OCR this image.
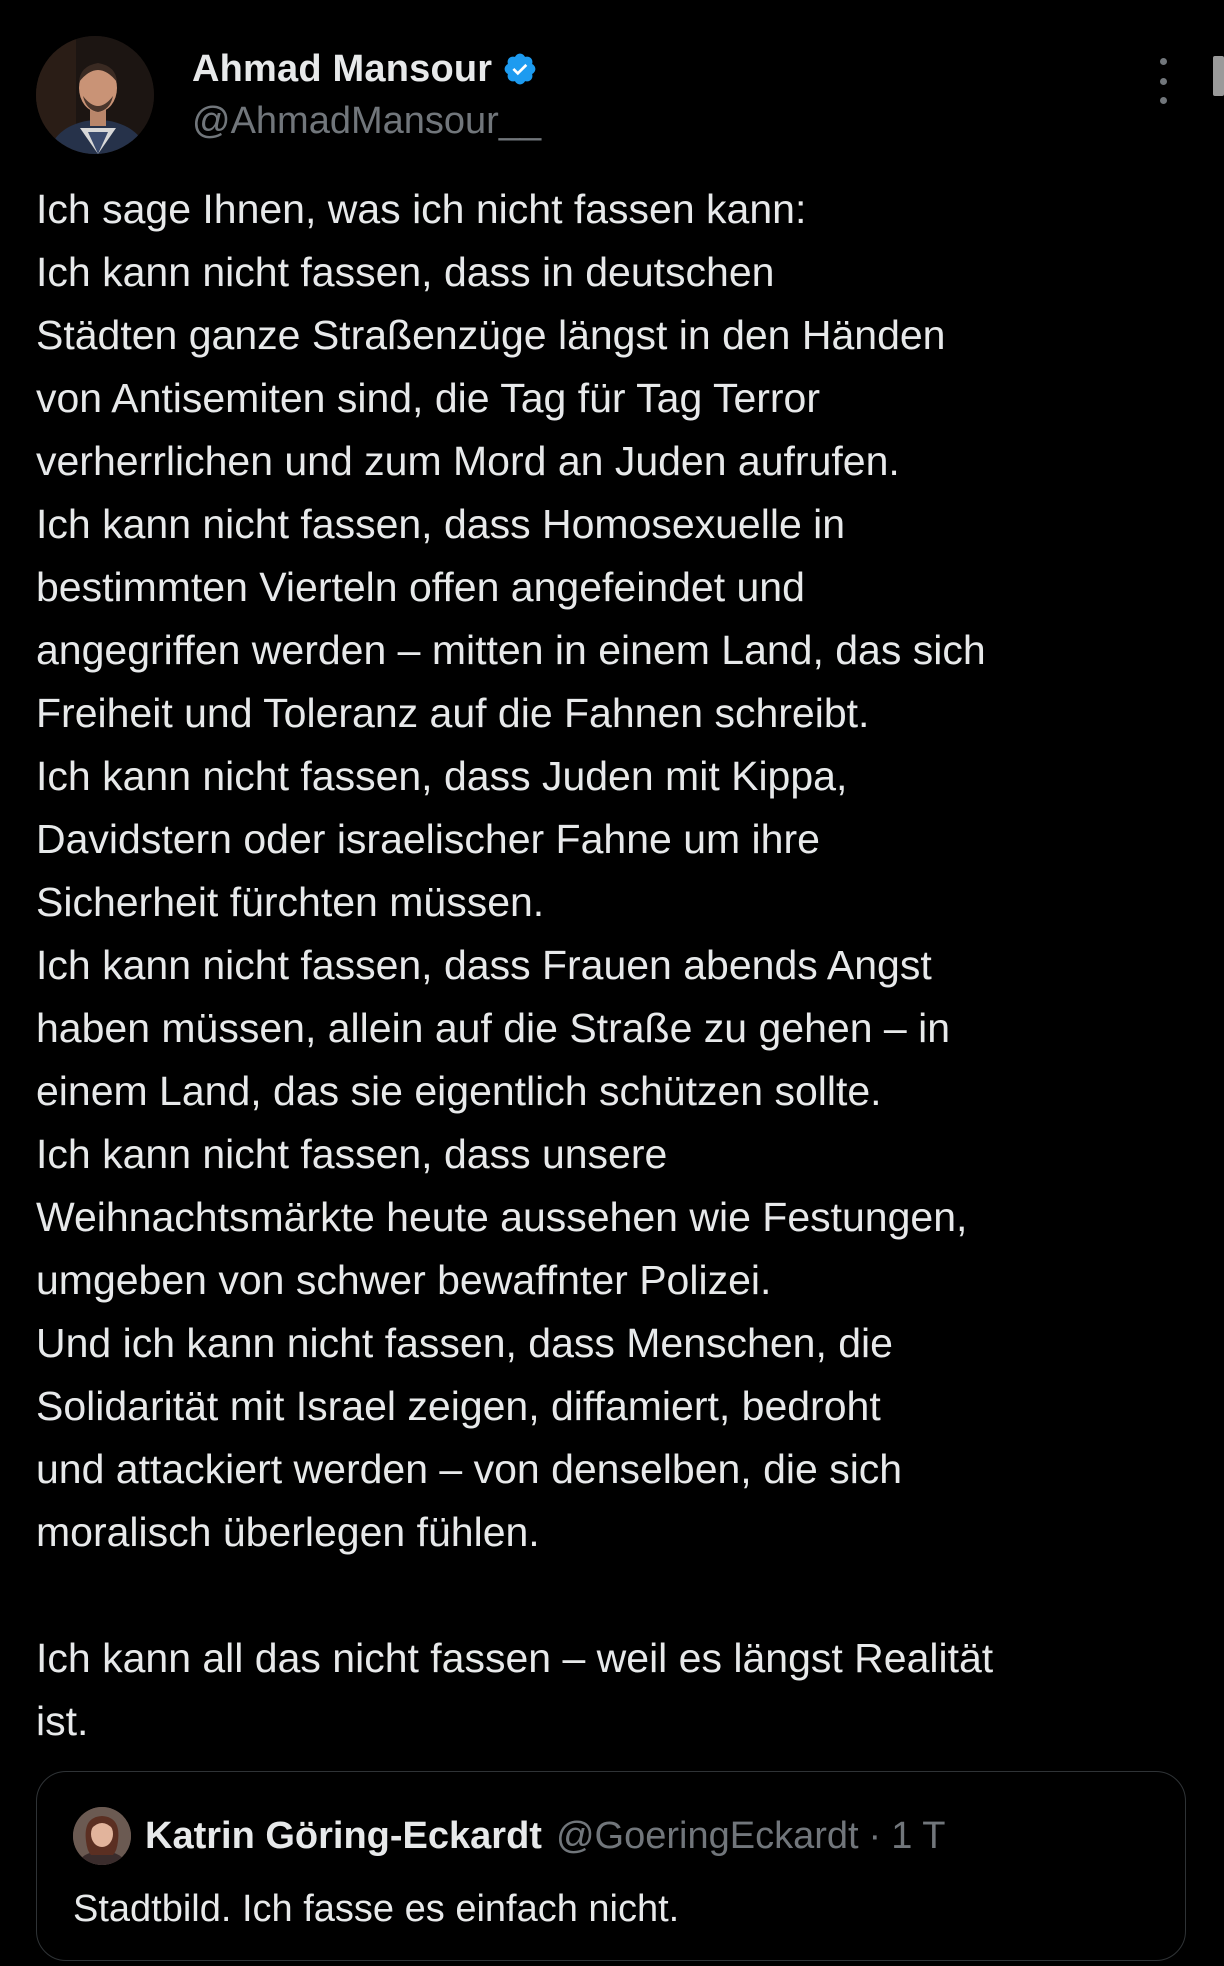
Ahmad Mansour
@AhmadMansour__
Ich sage Ihnen, was ich nicht fassen kann:
Ich kann nicht fassen, dass in deutschen
Städten ganze Straßenzüge längst in den Händen
von Antisemiten sind, die Tag für Tag Terror
verherrlichen und zum Mord an Juden aufrufen.
Ich kann nicht fassen, dass Homosexuelle in
bestimmten Vierteln offen angefeindet und
angegriffen werden – mitten in einem Land, das sich
Freiheit und Toleranz auf die Fahnen schreibt.
Ich kann nicht fassen, dass Juden mit Kippa,
Davidstern oder israelischer Fahne um ihre
Sicherheit fürchten müssen.
Ich kann nicht fassen, dass Frauen abends Angst
haben müssen, allein auf die Straße zu gehen – in
einem Land, das sie eigentlich schützen sollte.
Ich kann nicht fassen, dass unsere
Weihnachtsmärkte heute aussehen wie Festungen,
umgeben von schwer bewaffnter Polizei.
Und ich kann nicht fassen, dass Menschen, die
Solidarität mit Israel zeigen, diffamiert, bedroht
und attackiert werden – von denselben, die sich
moralisch überlegen fühlen.

Ich kann all das nicht fassen – weil es längst Realität
ist.
Katrin Göring-Eckardt @GoeringEckardt · 1 T
Stadtbild. Ich fasse es einfach nicht.
